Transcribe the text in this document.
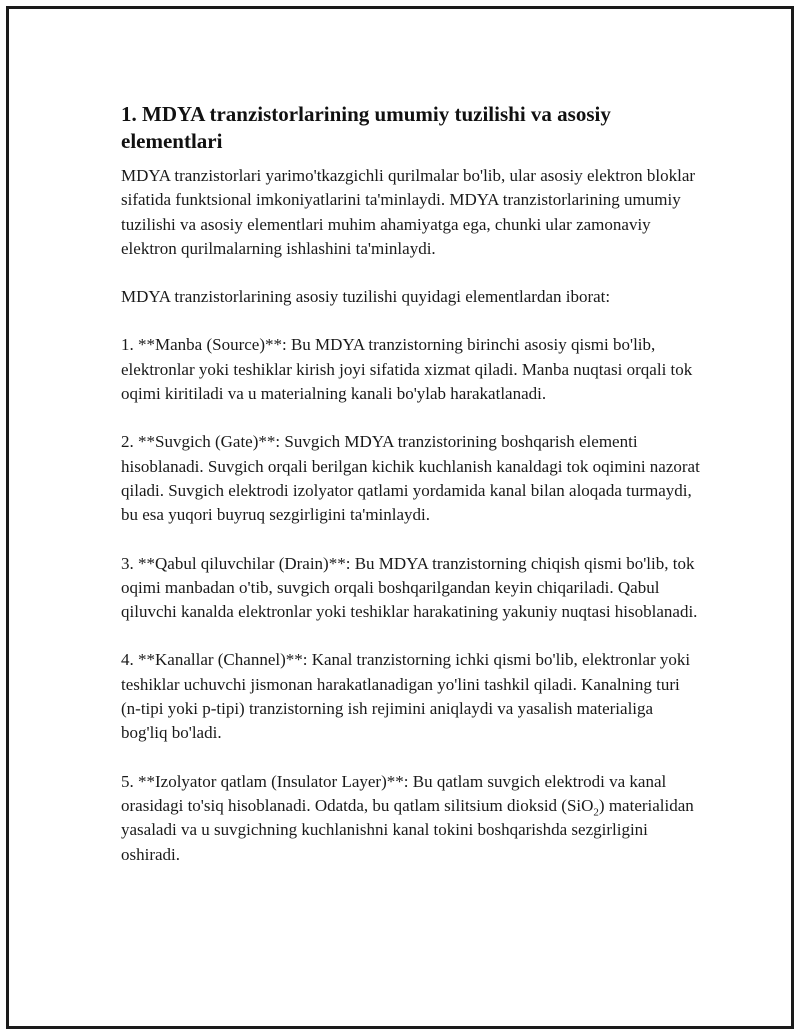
1. MDYA tranzistorlarining umumiy tuzilishi va asosiy elementlari

MDYA tranzistorlari yarimo'tkazgichli qurilmalar bo'lib, ular asosiy elektron bloklar sifatida funktsional imkoniyatlarini ta'minlaydi. MDYA tranzistorlarining umumiy tuzilishi va asosiy elementlari muhim ahamiyatga ega, chunki ular zamonaviy elektron qurilmalarning ishlashini ta'minlaydi.

MDYA tranzistorlarining asosiy tuzilishi quyidagi elementlardan iborat:

1. **Manba (Source)**: Bu MDYA tranzistorning birinchi asosiy qismi bo'lib, elektronlar yoki teshiklar kirish joyi sifatida xizmat qiladi. Manba nuqtasi orqali tok oqimi kiritiladi va u materialning kanali bo'ylab harakatlanadi.

2. **Suvgich (Gate)**: Suvgich MDYA tranzistorining boshqarish elementi hisoblanadi. Suvgich orqali berilgan kichik kuchlanish kanaldagi tok oqimini nazorat qiladi. Suvgich elektrodi izolyator qatlami yordamida kanal bilan aloqada turmaydi, bu esa yuqori buyruq sezgirligini ta'minlaydi.

3. **Qabul qiluvchilar (Drain)**: Bu MDYA tranzistorning chiqish qismi bo'lib, tok oqimi manbadan o'tib, suvgich orqali boshqarilgandan keyin chiqariladi. Qabul qiluvchi kanalda elektronlar yoki teshiklar harakatining yakuniy nuqtasi hisoblanadi.

4. **Kanallar (Channel)**: Kanal tranzistorning ichki qismi bo'lib, elektronlar yoki teshiklar uchuvchi jismonan harakatlanadigan yo'lini tashkil qiladi. Kanalning turi (n-tipi yoki p-tipi) tranzistorning ish rejimini aniqlaydi va yasalish materialiga bog'liq bo'ladi.

5. **Izolyator qatlam (Insulator Layer)**: Bu qatlam suvgich elektrodi va kanal orasidagi to'siq hisoblanadi. Odatda, bu qatlam silitsium dioksid (SiO$_2$) materialidan yasaladi va u suvgichning kuchlanishni kanal tokini boshqarishda sezgirligini oshiradi.
